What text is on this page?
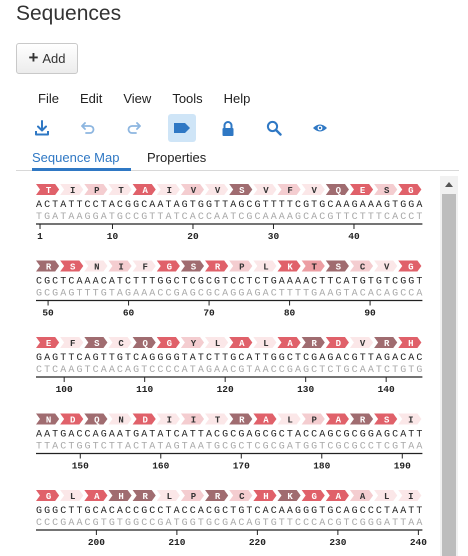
Sequences
+ Add
File Edit View Tools Help
Sequence Map Properties
T I P T A I V V S V F V Q E S G
ACTATTCCTACGGCAATAGTGGTTAGCGTTTTCGTGCAAGAAAGTGGA
TGATAAGGATGCCGTTATCACCAATCGCAAAAGCACGTTCTTTCACCT
1	10	20	30	40
R S N I F G S R P L K T S C V G
CGCTCAAACATCTTTGGCTCGCGTCCTCTGAAAACTTCATGTGTCGGT
GCGAGTTTGTAGAAACCGAGCGCAGGAGACTTTTGAAGTACACAGCCA
50	60	70	80	90
E F S C Q G Y L A L A R D V R H
GAGTTCAGTTGTCAGGGGTATCTTGCATTGGCTCGAGACGTTAGACAC
CTCAAGTCAACAGTCCCCATAGAACGTAACCGAGCTCTGCAATCTGTG
100	110	120	130	140
N D Q N D I I T R A L P A R S I
AATGACCAGAATGATATCATTACGCGAGCGCTACCAGCGCGGAGCATT
TTACTGGTCTTACTATAGTAATGCGCTCGCGATGGTCGCGCCTCGTAA
150	160	170	180	190
G L A H R L P R C H K G A A L I
GGGCTTGCACACCGCCTACCACGCTGTCACAAGGGTGCAGCCCTAATT
CCCGAACGTGTGGCCGATGGTGCGACAGTGTTCCCACGTCGGGATTAA
200	210	220	230	240
